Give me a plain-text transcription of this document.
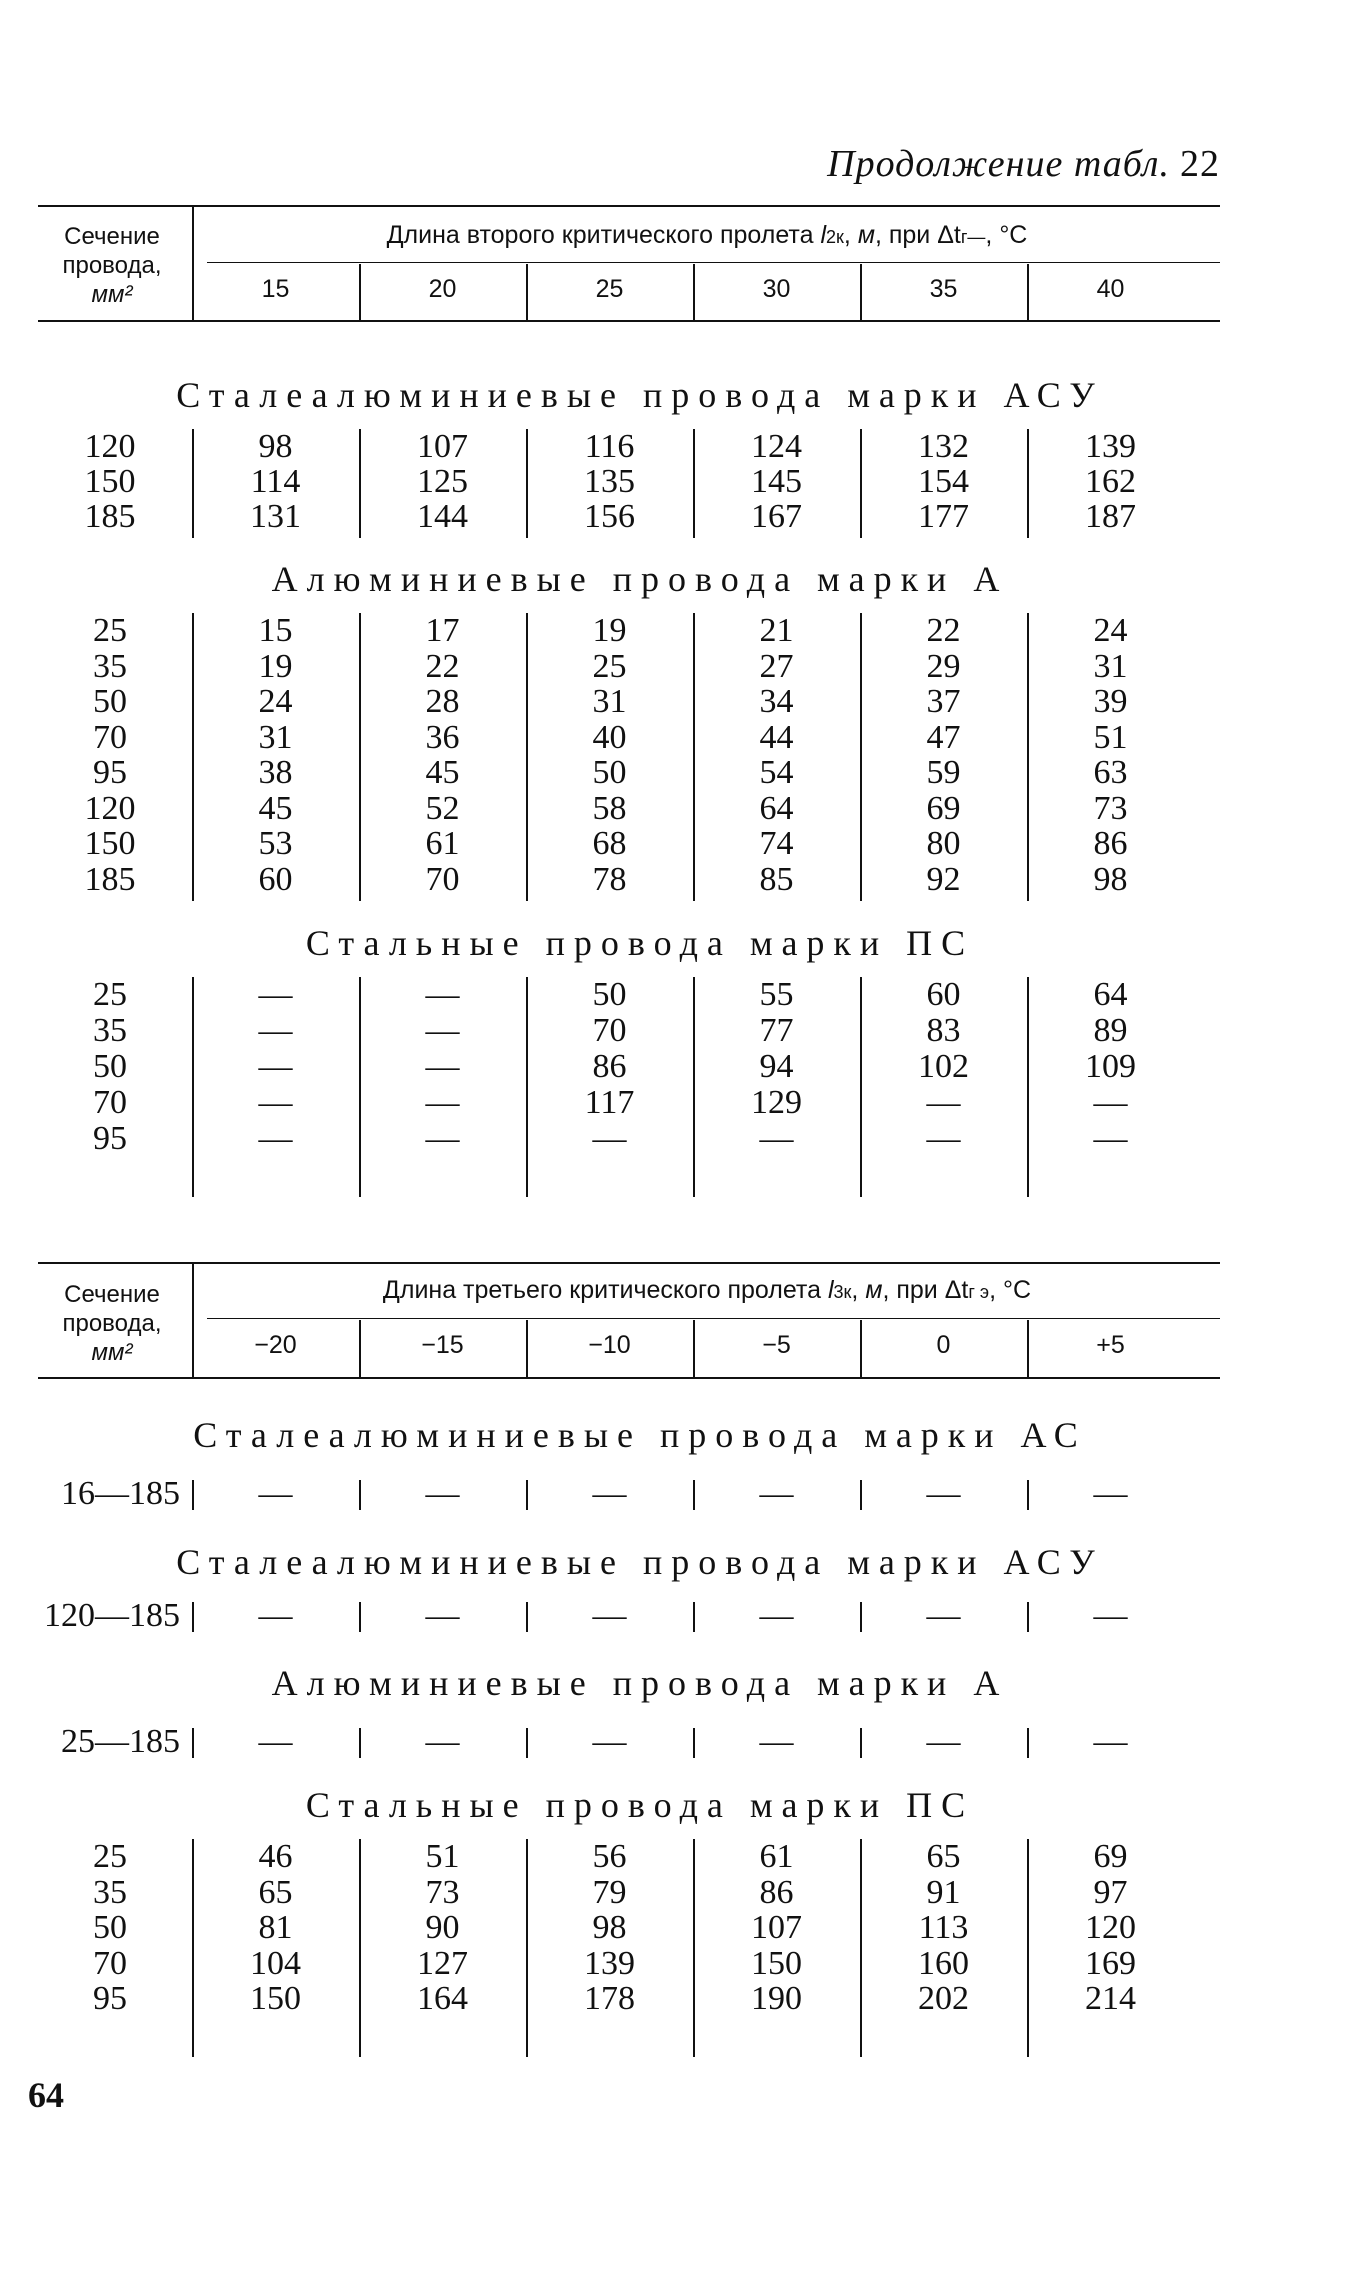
Продолжение табл. 22
Сечение
провода,
мм²
Длина второго критического пролета l2к, м, при Δtг—, °С
15	20	25	30	35	40
Сталеалюминиевые провода марки АСУ
120	98	107	116	124	132	139
150	114	125	135	145	154	162
185	131	144	156	167	177	187
Алюминиевые провода марки А
25	15	17	19	21	22	24
35	19	22	25	27	29	31
50	24	28	31	34	37	39
70	31	36	40	44	47	51
95	38	45	50	54	59	63
120	45	52	58	64	69	73
150	53	61	68	74	80	86
185	60	70	78	85	92	98
Стальные провода марки ПС
25	—	—	50	55	60	64
35	—	—	70	77	83	89
50	—	—	86	94	102	109
70	—	—	117	129	—	—
95	—	—	—	—	—	—
Сечение
провода,
мм²
Длина третьего критического пролета l3к, м, при Δtг э, °С
−20	−15	−10	−5	0	+5
Сталеалюминиевые провода марки АС
16—185	—	—	—	—	—	—
Сталеалюминиевые провода марки АСУ
120—185	—	—	—	—	—	—
Алюминиевые провода марки А
25—185	—	—	—	—	—	—
Стальные провода марки ПС
25	46	51	56	61	65	69
35	65	73	79	86	91	97
50	81	90	98	107	113	120
70	104	127	139	150	160	169
95	150	164	178	190	202	214
64
